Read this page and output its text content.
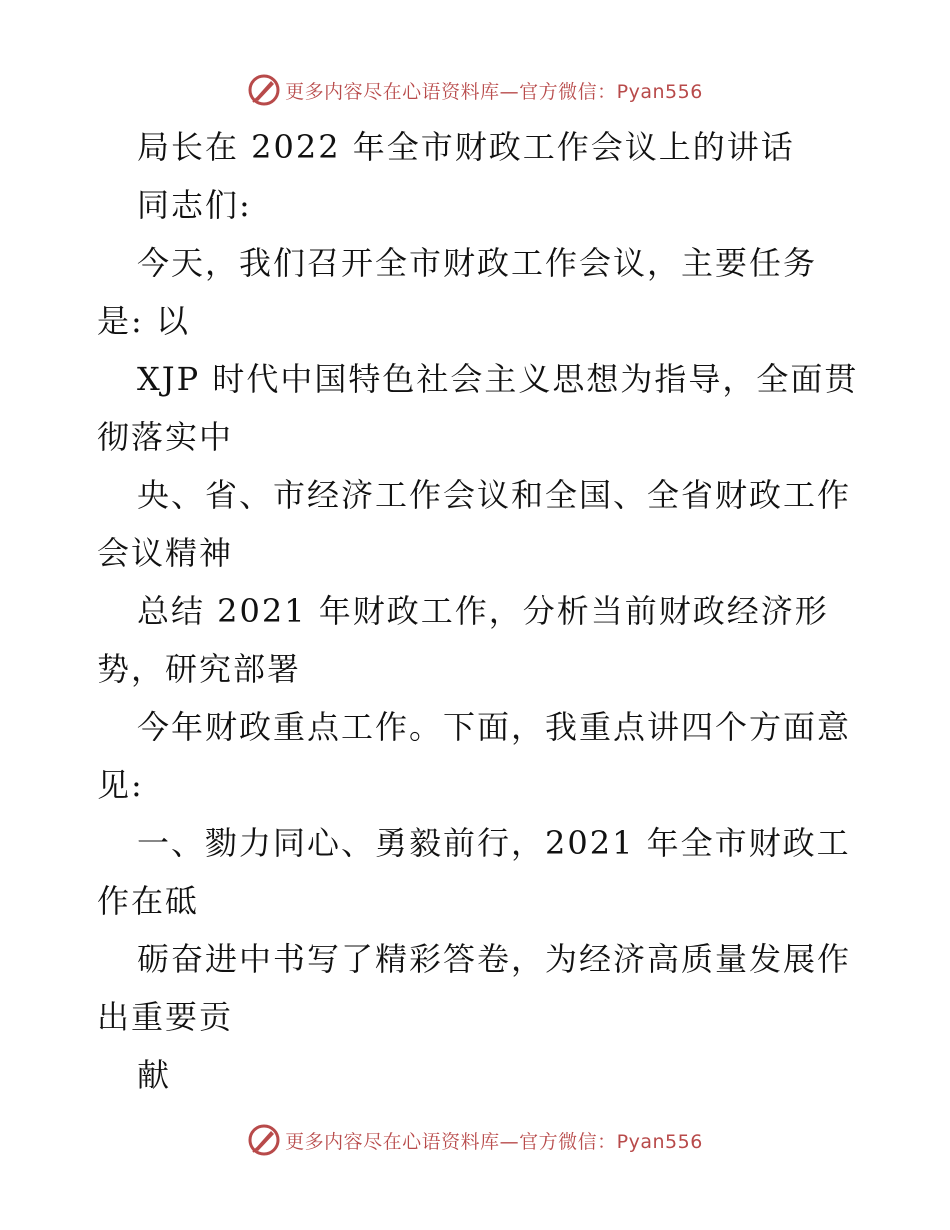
更多内容尽在心语资料库—官方微信：Pyan556
局长在 2022 年全市财政工作会议上的讲话
同志们:
今天，我们召开全市财政工作会议，主要任务
是: 以
XJP 时代中国特色社会主义思想为指导，全面贯
彻落实中
央、省、市经济工作会议和全国、全省财政工作
会议精神
总结 2021 年财政工作，分析当前财政经济形
势，研究部署
今年财政重点工作。下面，我重点讲四个方面意
见:
一、勠力同心、勇毅前行，2021 年全市财政工
作在砥
砺奋进中书写了精彩答卷，为经济高质量发展作
出重要贡
献
更多内容尽在心语资料库—官方微信：Pyan556
